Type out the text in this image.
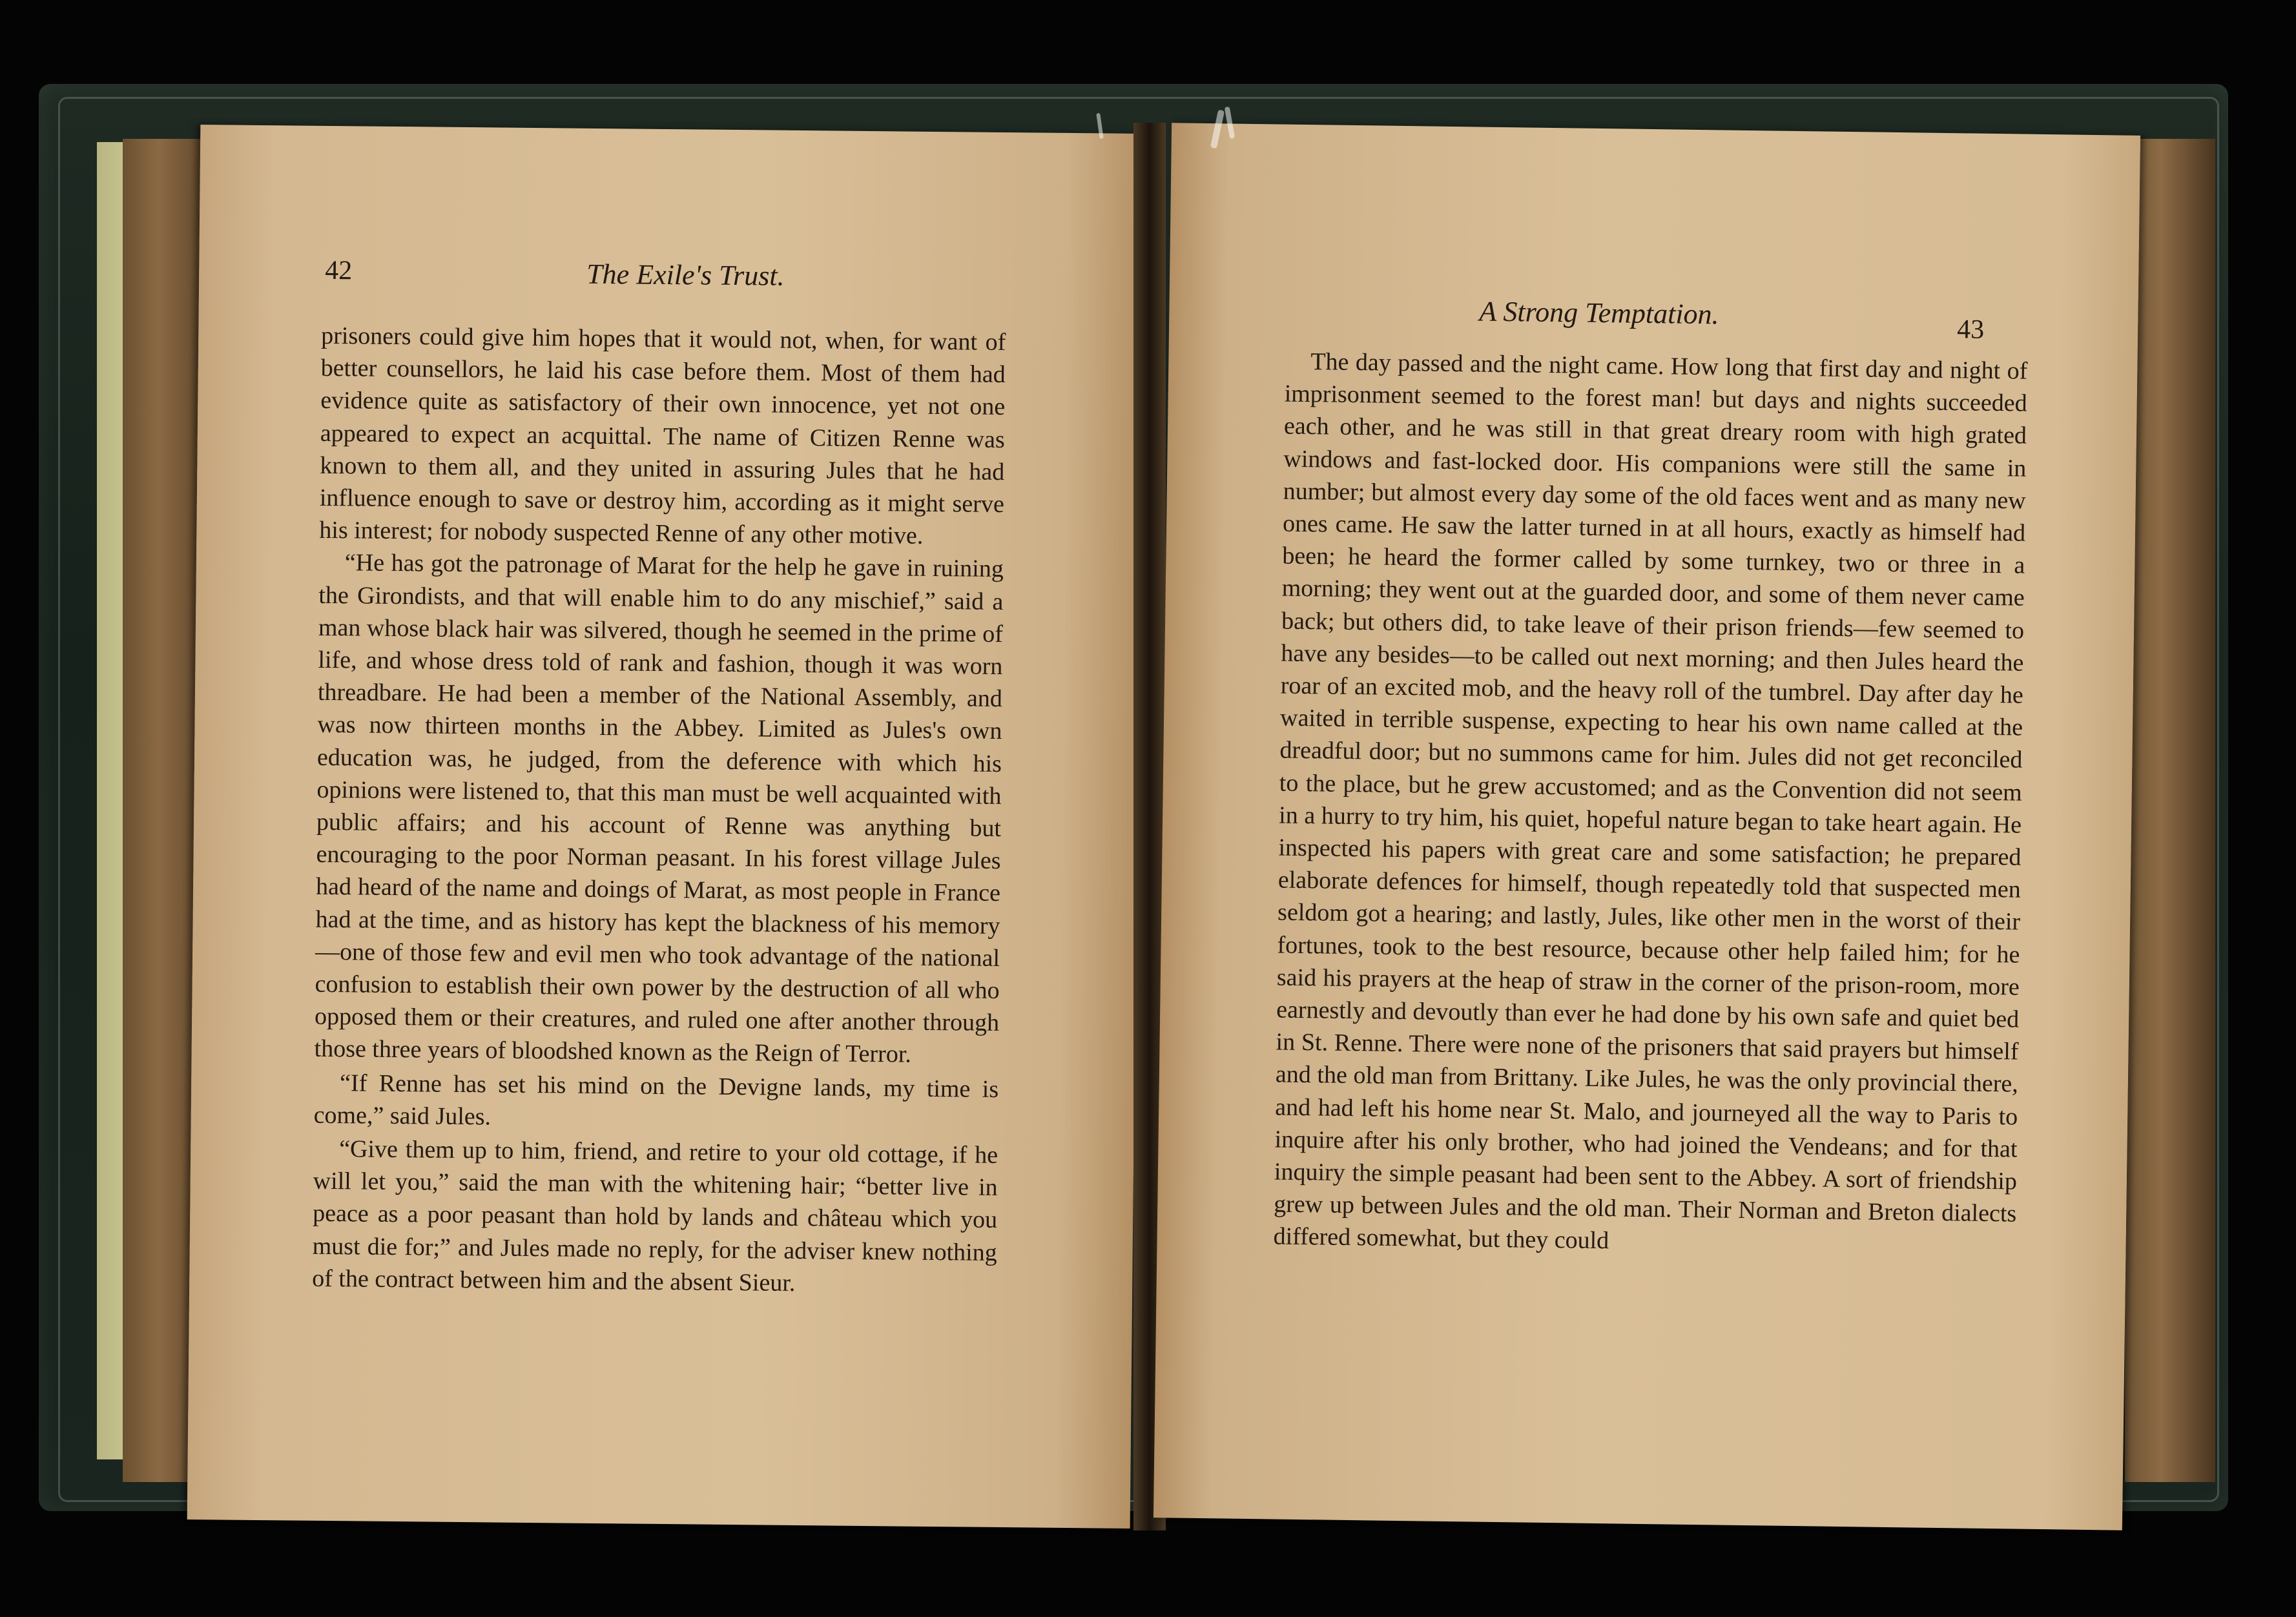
42	The Exile's Trust.

prisoners could give him hopes that it would not, when, for want of better counsellors, he laid his case before them. Most of them had evidence quite as satisfactory of their own innocence, yet not one appeared to expect an acquittal. The name of Citizen Renne was known to them all, and they united in assuring Jules that he had influence enough to save or destroy him, according as it might serve his interest; for nobody suspected Renne of any other motive.

“He has got the patronage of Marat for the help he gave in ruining the Girondists, and that will enable him to do any mischief,” said a man whose black hair was silvered, though he seemed in the prime of life, and whose dress told of rank and fashion, though it was worn threadbare. He had been a member of the National Assembly, and was now thirteen months in the Abbey. Limited as Jules's own education was, he judged, from the deference with which his opinions were listened to, that this man must be well acquainted with public affairs; and his account of Renne was anything but encouraging to the poor Norman peasant. In his forest village Jules had heard of the name and doings of Marat, as most people in France had at the time, and as history has kept the blackness of his memory—one of those few and evil men who took advantage of the national confusion to establish their own power by the destruction of all who opposed them or their creatures, and ruled one after another through those three years of bloodshed known as the Reign of Terror.

“If Renne has set his mind on the Devigne lands, my time is come,” said Jules.

“Give them up to him, friend, and retire to your old cottage, if he will let you,” said the man with the whitening hair; “better live in peace as a poor peasant than hold by lands and château which you must die for;” and Jules made no reply, for the adviser knew nothing of the contract between him and the absent Sieur.

A Strong Temptation.	43

The day passed and the night came. How long that first day and night of imprisonment seemed to the forest man! but days and nights succeeded each other, and he was still in that great dreary room with high grated windows and fast-locked door. His companions were still the same in number; but almost every day some of the old faces went and as many new ones came. He saw the latter turned in at all hours, exactly as himself had been; he heard the former called by some turnkey, two or three in a morning; they went out at the guarded door, and some of them never came back; but others did, to take leave of their prison friends—few seemed to have any besides—to be called out next morning; and then Jules heard the roar of an excited mob, and the heavy roll of the tumbrel. Day after day he waited in terrible suspense, expecting to hear his own name called at the dreadful door; but no summons came for him. Jules did not get reconciled to the place, but he grew accustomed; and as the Convention did not seem in a hurry to try him, his quiet, hopeful nature began to take heart again. He inspected his papers with great care and some satisfaction; he prepared elaborate defences for himself, though repeatedly told that suspected men seldom got a hearing; and lastly, Jules, like other men in the worst of their fortunes, took to the best resource, because other help failed him; for he said his prayers at the heap of straw in the corner of the prison-room, more earnestly and devoutly than ever he had done by his own safe and quiet bed in St. Renne. There were none of the prisoners that said prayers but himself and the old man from Brittany. Like Jules, he was the only provincial there, and had left his home near St. Malo, and journeyed all the way to Paris to inquire after his only brother, who had joined the Vendeans; and for that inquiry the simple peasant had been sent to the Abbey. A sort of friendship grew up between Jules and the old man. Their Norman and Breton dialects differed somewhat, but they could
